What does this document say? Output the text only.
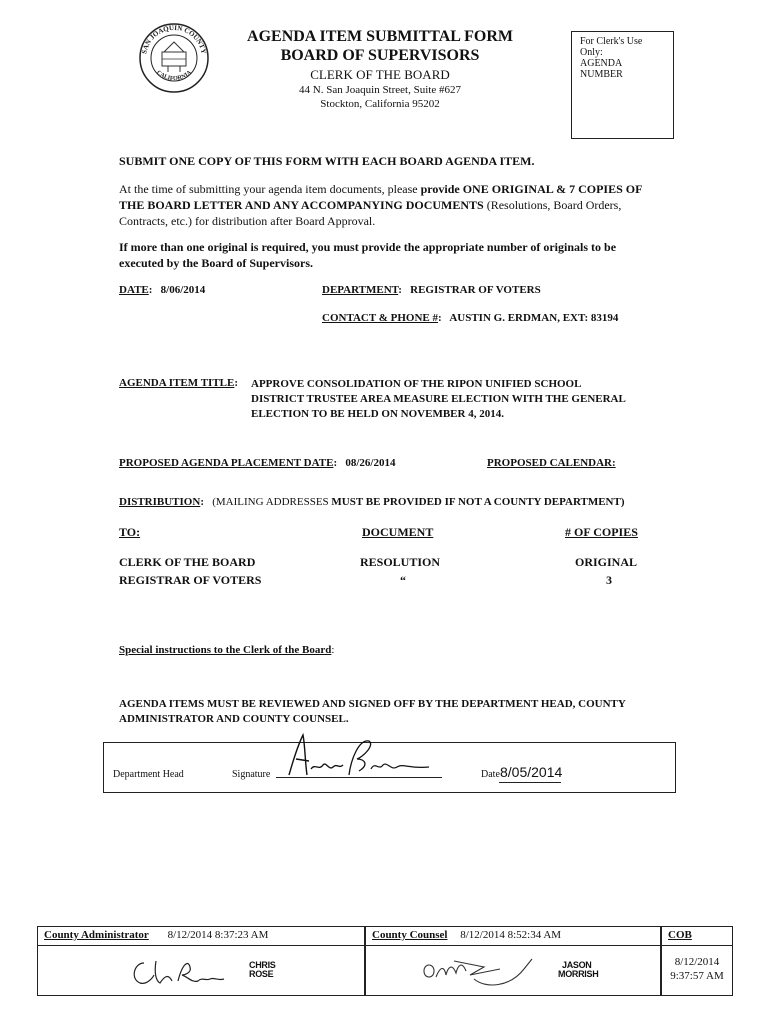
SAN JOAQUIN COUNTY
CALIFORNIA
AGENDA ITEM SUBMITTAL FORM
BOARD OF SUPERVISORS
CLERK OF THE BOARD
44 N. San Joaquin Street, Suite #627
Stockton, California 95202
For Clerk's Use Only:
AGENDA NUMBER
SUBMIT ONE COPY OF THIS FORM WITH EACH BOARD AGENDA ITEM.
At the time of submitting your agenda item documents, please provide ONE ORIGINAL & 7 COPIES OF THE BOARD LETTER AND ANY ACCOMPANYING DOCUMENTS (Resolutions, Board Orders, Contracts, etc.) for distribution after Board Approval.
If more than one original is required, you must provide the appropriate number of originals to be executed by the Board of Supervisors.
DATE:   8/06/2014	DEPARTMENT:   REGISTRAR OF VOTERS
CONTACT & PHONE #:   AUSTIN G. ERDMAN, EXT: 83194
AGENDA ITEM TITLE: APPROVE CONSOLIDATION OF THE RIPON UNIFIED SCHOOL
DISTRICT TRUSTEE AREA MEASURE ELECTION WITH THE GENERAL
ELECTION TO BE HELD ON NOVEMBER 4, 2014.
PROPOSED AGENDA PLACEMENT DATE:   08/26/2014	PROPOSED CALENDAR:
DISTRIBUTION: (MAILING ADDRESSES MUST BE PROVIDED IF NOT A COUNTY DEPARTMENT)
TO:	DOCUMENT	# OF COPIES
CLERK OF THE BOARD	RESOLUTION	ORIGINAL
REGISTRAR OF VOTERS	“	3
Special instructions to the Clerk of the Board:
AGENDA ITEMS MUST BE REVIEWED AND SIGNED OFF BY THE DEPARTMENT HEAD, COUNTY ADMINISTRATOR AND COUNTY COUNSEL.
Department Head	Signature	Date 8/05/2014
County Administrator 8/12/2014 8:37:23 AM
CHRIS
ROSE
County Counsel 8/12/2014 8:52:34 AM
JASON
MORRISH
COB
8/12/2014
9:37:57 AM
